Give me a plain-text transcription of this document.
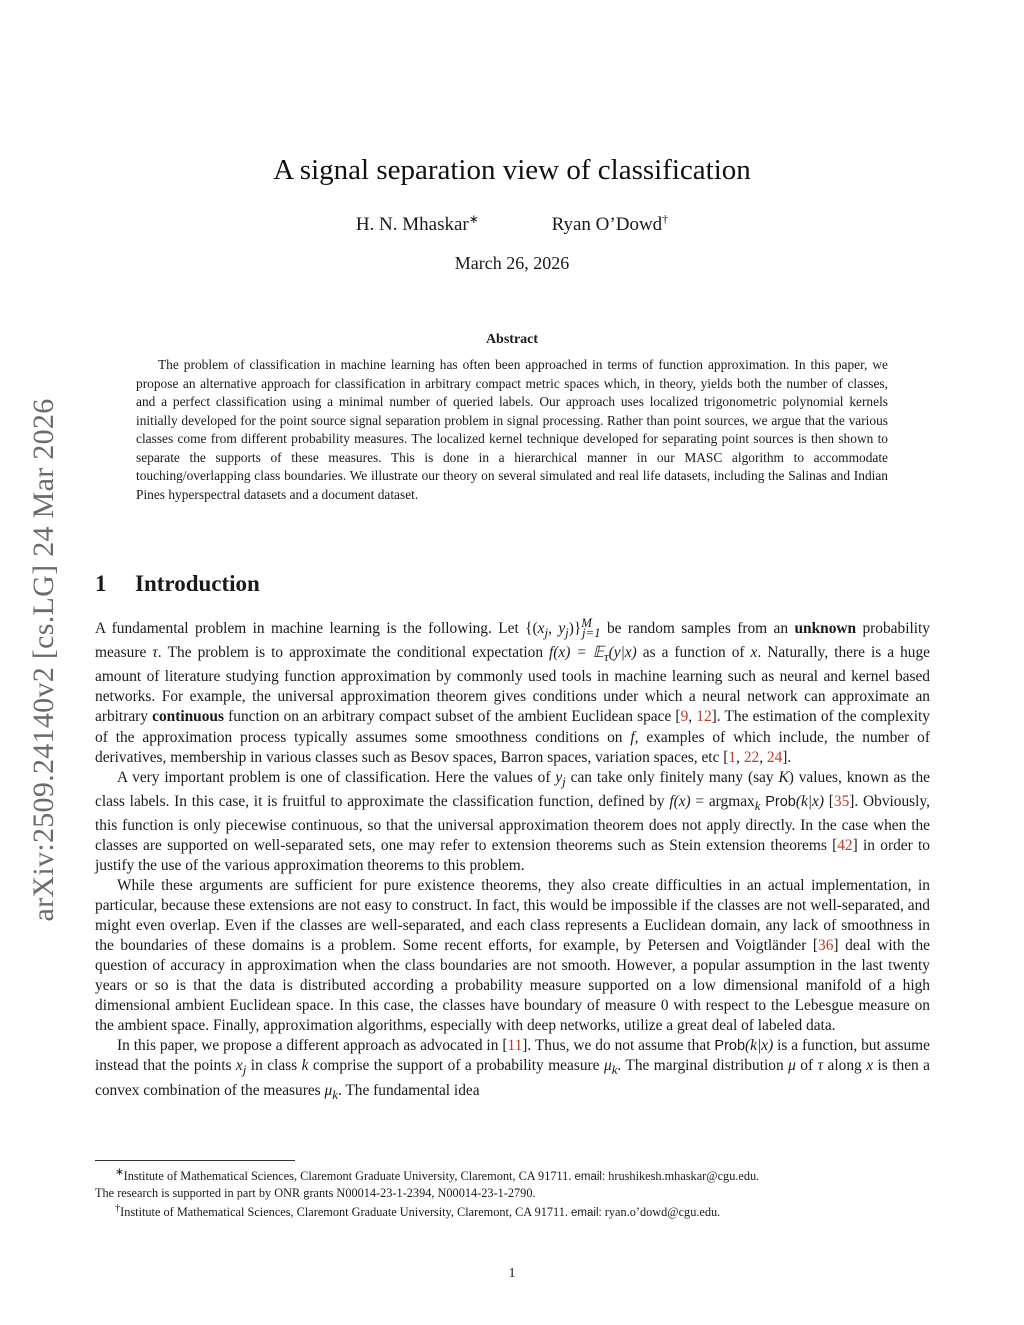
arXiv:2509.24140v2 [cs.LG] 24 Mar 2026
A signal separation view of classification
H. N. Mhaskar∗	Ryan O’Dowd†
March 26, 2026
Abstract

The problem of classification in machine learning has often been approached in terms of function approximation. In this paper, we propose an alternative approach for classification in arbitrary compact metric spaces which, in theory, yields both the number of classes, and a perfect classification using a minimal number of queried labels. Our approach uses localized trigonometric polynomial kernels initially developed for the point source signal separation problem in signal processing. Rather than point sources, we argue that the various classes come from different probability measures. The localized kernel technique developed for separating point sources is then shown to separate the supports of these measures. This is done in a hierarchical manner in our MASC algorithm to accommodate touching/overlapping class boundaries. We illustrate our theory on several simulated and real life datasets, including the Salinas and Indian Pines hyperspectral datasets and a document dataset.

1 Introduction

A fundamental problem in machine learning is the following. Let {($x_j$, $y_j)\}^M_{j=1}$ be random samples from an unknown probability measure τ. The problem is to approximate the conditional expectation f(x) = 𝔼$_\tau$(y|x) as a function of x. Naturally, there is a huge amount of literature studying function approximation by commonly used tools in machine learning such as neural and kernel based networks. For example, the universal approximation theorem gives conditions under which a neural network can approximate an arbitrary continuous function on an arbitrary compact subset of the ambient Euclidean space [9, 12]. The estimation of the complexity of the approximation process typically assumes some smoothness conditions on f, examples of which include, the number of derivatives, membership in various classes such as Besov spaces, Barron spaces, variation spaces, etc [1, 22, 24].

A very important problem is one of classification. Here the values of $y_j$ can take only finitely many (say K) values, known as the class labels. In this case, it is fruitful to approximate the classification function, defined by f(x) = argmax$_k$ Prob(k|x) [35]. Obviously, this function is only piecewise continuous, so that the universal approximation theorem does not apply directly. In the case when the classes are supported on well-separated sets, one may refer to extension theorems such as Stein extension theorems [42] in order to justify the use of the various approximation theorems to this problem.

While these arguments are sufficient for pure existence theorems, they also create difficulties in an actual implementation, in particular, because these extensions are not easy to construct. In fact, this would be impossible if the classes are not well-separated, and might even overlap. Even if the classes are well-separated, and each class represents a Euclidean domain, any lack of smoothness in the boundaries of these domains is a problem. Some recent efforts, for example, by Petersen and Voigtländer [36] deal with the question of accuracy in approximation when the class boundaries are not smooth. However, a popular assumption in the last twenty years or so is that the data is distributed according a probability measure supported on a low dimensional manifold of a high dimensional ambient Euclidean space. In this case, the classes have boundary of measure 0 with respect to the Lebesgue measure on the ambient space. Finally, approximation algorithms, especially with deep networks, utilize a great deal of labeled data.

In this paper, we propose a different approach as advocated in [11]. Thus, we do not assume that Prob(k|x) is a function, but assume instead that the points $x_j$ in class k comprise the support of a probability measure $\mu_k$. The marginal distribution μ of τ along x is then a convex combination of the measures $\mu_k$. The fundamental idea

∗Institute of Mathematical Sciences, Claremont Graduate University, Claremont, CA 91711. email: hrushikesh.mhaskar@cgu.edu.

The research is supported in part by ONR grants N00014-23-1-2394, N00014-23-1-2790.

†Institute of Mathematical Sciences, Claremont Graduate University, Claremont, CA 91711. email: ryan.o’dowd@cgu.edu.

1
